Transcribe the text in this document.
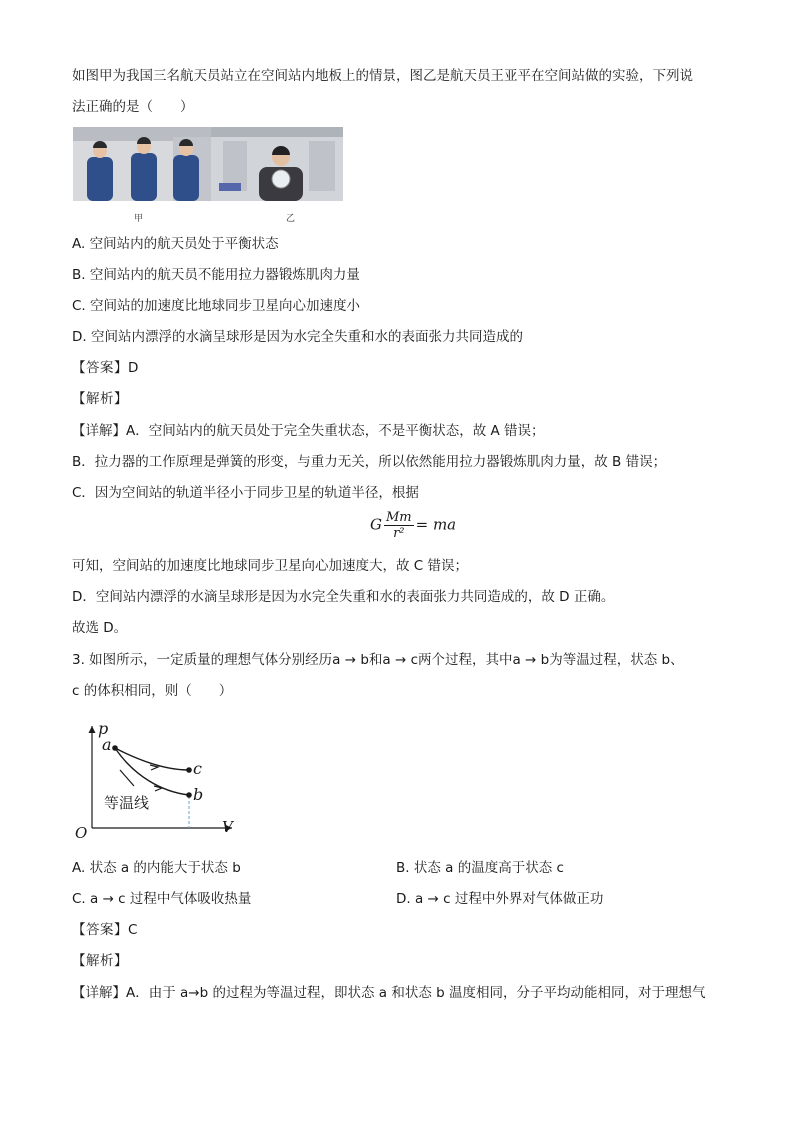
如图甲为我国三名航天员站立在空间站内地板上的情景，图乙是航天员王亚平在空间站做的实验，下列说
法正确的是（　　）
甲	乙
A. 空间站内的航天员处于平衡状态
B. 空间站内的航天员不能用拉力器锻炼肌肉力量
C. 空间站的加速度比地球同步卫星向心加速度小
D. 空间站内漂浮的水滴呈球形是因为水完全失重和水的表面张力共同造成的
【答案】D
【解析】
【详解】A．空间站内的航天员处于完全失重状态，不是平衡状态，故 A 错误；
B．拉力器的工作原理是弹簧的形变，与重力无关，所以依然能用拉力器锻炼肌肉力量，故 B 错误；
C．因为空间站的轨道半径小于同步卫星的轨道半径，根据
G $\frac{Mm}{\text{r²}}$ = ma
可知，空间站的加速度比地球同步卫星向心加速度大，故 C 错误；
D．空间站内漂浮的水滴呈球形是因为水完全失重和水的表面张力共同造成的，故 D 正确。
故选 D。
3. 如图所示，一定质量的理想气体分别经历a → b和a → c两个过程，其中a → b为等温过程，状态 b、
c 的体积相同，则（　　）
p
V
O
a
c
b
等温线
A. 状态 a 的内能大于状态 b	B. 状态 a 的温度高于状态 c
C. a → c 过程中气体吸收热量	D. a → c 过程中外界对气体做正功
【答案】C
【解析】
【详解】A．由于 a→b 的过程为等温过程，即状态 a 和状态 b 温度相同，分子平均动能相同，对于理想气
